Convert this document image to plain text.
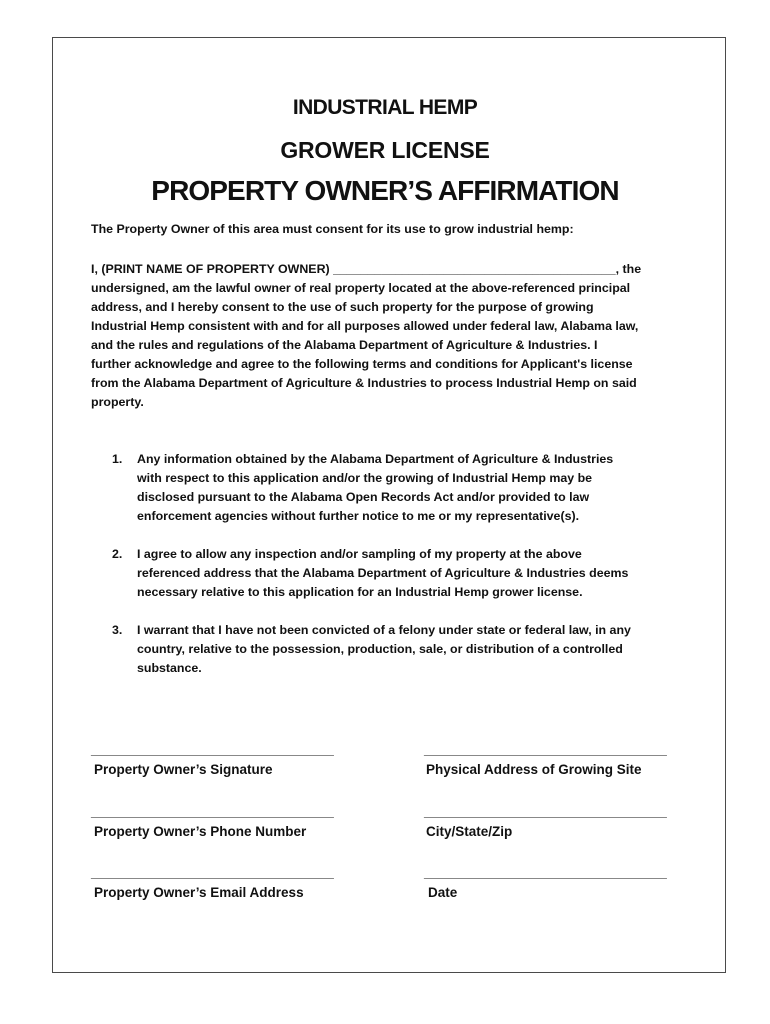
INDUSTRIAL HEMP
GROWER LICENSE
PROPERTY OWNER’S AFFIRMATION
The Property Owner of this area must consent for its use to grow industrial hemp:
I, (PRINT NAME OF PROPERTY OWNER) _________________________________________, the
undersigned, am the lawful owner of real property located at the above-referenced principal
address, and I hereby consent to the use of such property for the purpose of growing
Industrial Hemp consistent with and for all purposes allowed under federal law, Alabama law,
and the rules and regulations of the Alabama Department of Agriculture & Industries. I
further acknowledge and agree to the following terms and conditions for Applicant's license
from the Alabama Department of Agriculture & Industries to process Industrial Hemp on said
property.
1. Any information obtained by the Alabama Department of Agriculture & Industries
with respect to this application and/or the growing of Industrial Hemp may be
disclosed pursuant to the Alabama Open Records Act and/or provided to law
enforcement agencies without further notice to me or my representative(s).
2. I agree to allow any inspection and/or sampling of my property at the above
referenced address that the Alabama Department of Agriculture & Industries deems
necessary relative to this application for an Industrial Hemp grower license.
3. I warrant that I have not been convicted of a felony under state or federal law, in any
country, relative to the possession, production, sale, or distribution of a controlled
substance.
___________________________________
Property Owner’s Signature
___________________________________
Property Owner’s Phone Number
___________________________________
Property Owner’s Email Address
___________________________________
Physical Address of Growing Site
___________________________________
City/State/Zip
___________________________________
Date
